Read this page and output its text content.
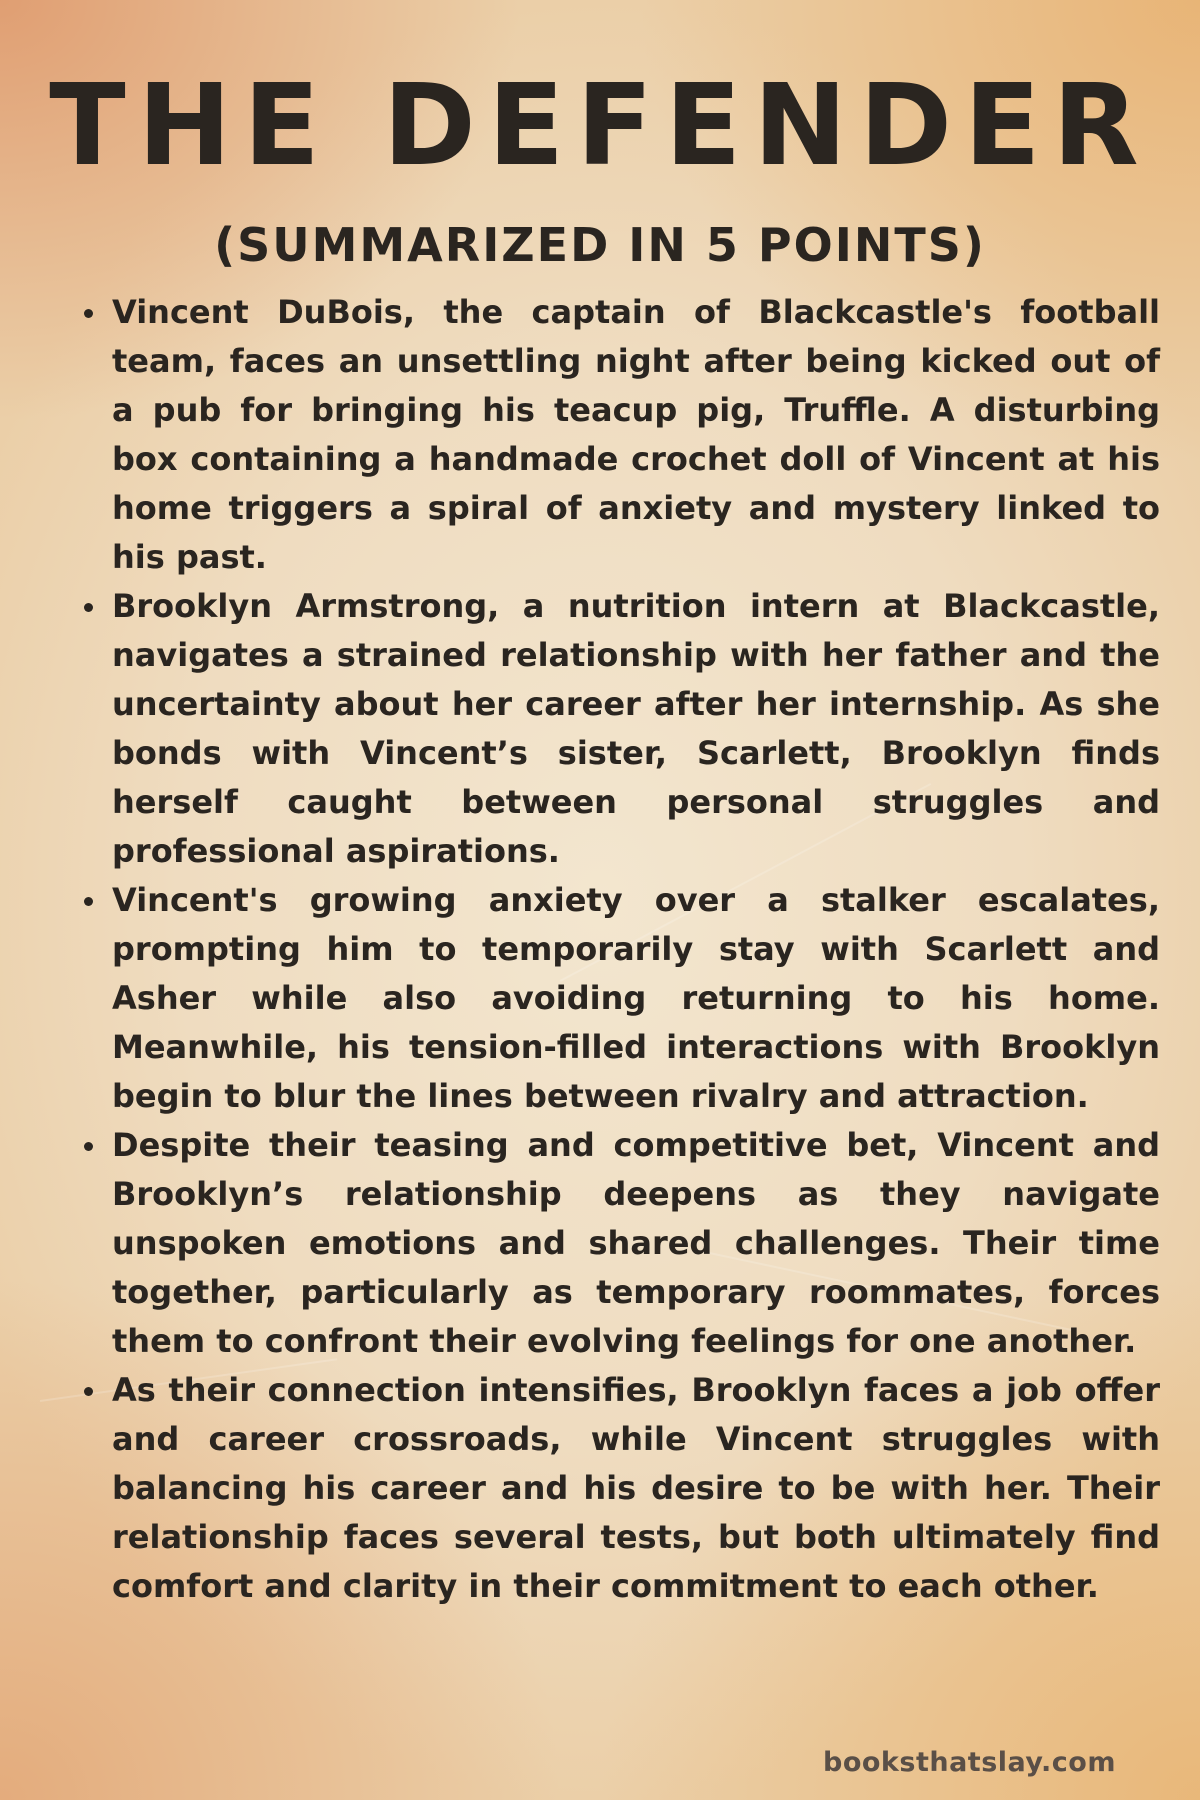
THE DEFENDER
(SUMMARIZED IN 5 POINTS)
Vincent DuBois, the captain of Blackcastle's football team, faces an unsettling night after being kicked out of a pub for bringing his teacup pig, Truffle. A disturbing box containing a handmade crochet doll of Vincent at his home triggers a spiral of anxiety and mystery linked to his past.
Brooklyn Armstrong, a nutrition intern at Blackcastle, navigates a strained relationship with her father and the uncertainty about her career after her internship. As she bonds with Vincent’s sister, Scarlett, Brooklyn finds herself caught between personal struggles and professional aspirations.
Vincent's growing anxiety over a stalker escalates, prompting him to temporarily stay with Scarlett and Asher while also avoiding returning to his home. Meanwhile, his tension-filled interactions with Brooklyn begin to blur the lines between rivalry and attraction.
Despite their teasing and competitive bet, Vincent and Brooklyn’s relationship deepens as they navigate unspoken emotions and shared challenges. Their time together, particularly as temporary roommates, forces them to confront their evolving feelings for one another.
As their connection intensifies, Brooklyn faces a job offer and career crossroads, while Vincent struggles with balancing his career and his desire to be with her. Their relationship faces several tests, but both ultimately find comfort and clarity in their commitment to each other.
booksthatslay.com
